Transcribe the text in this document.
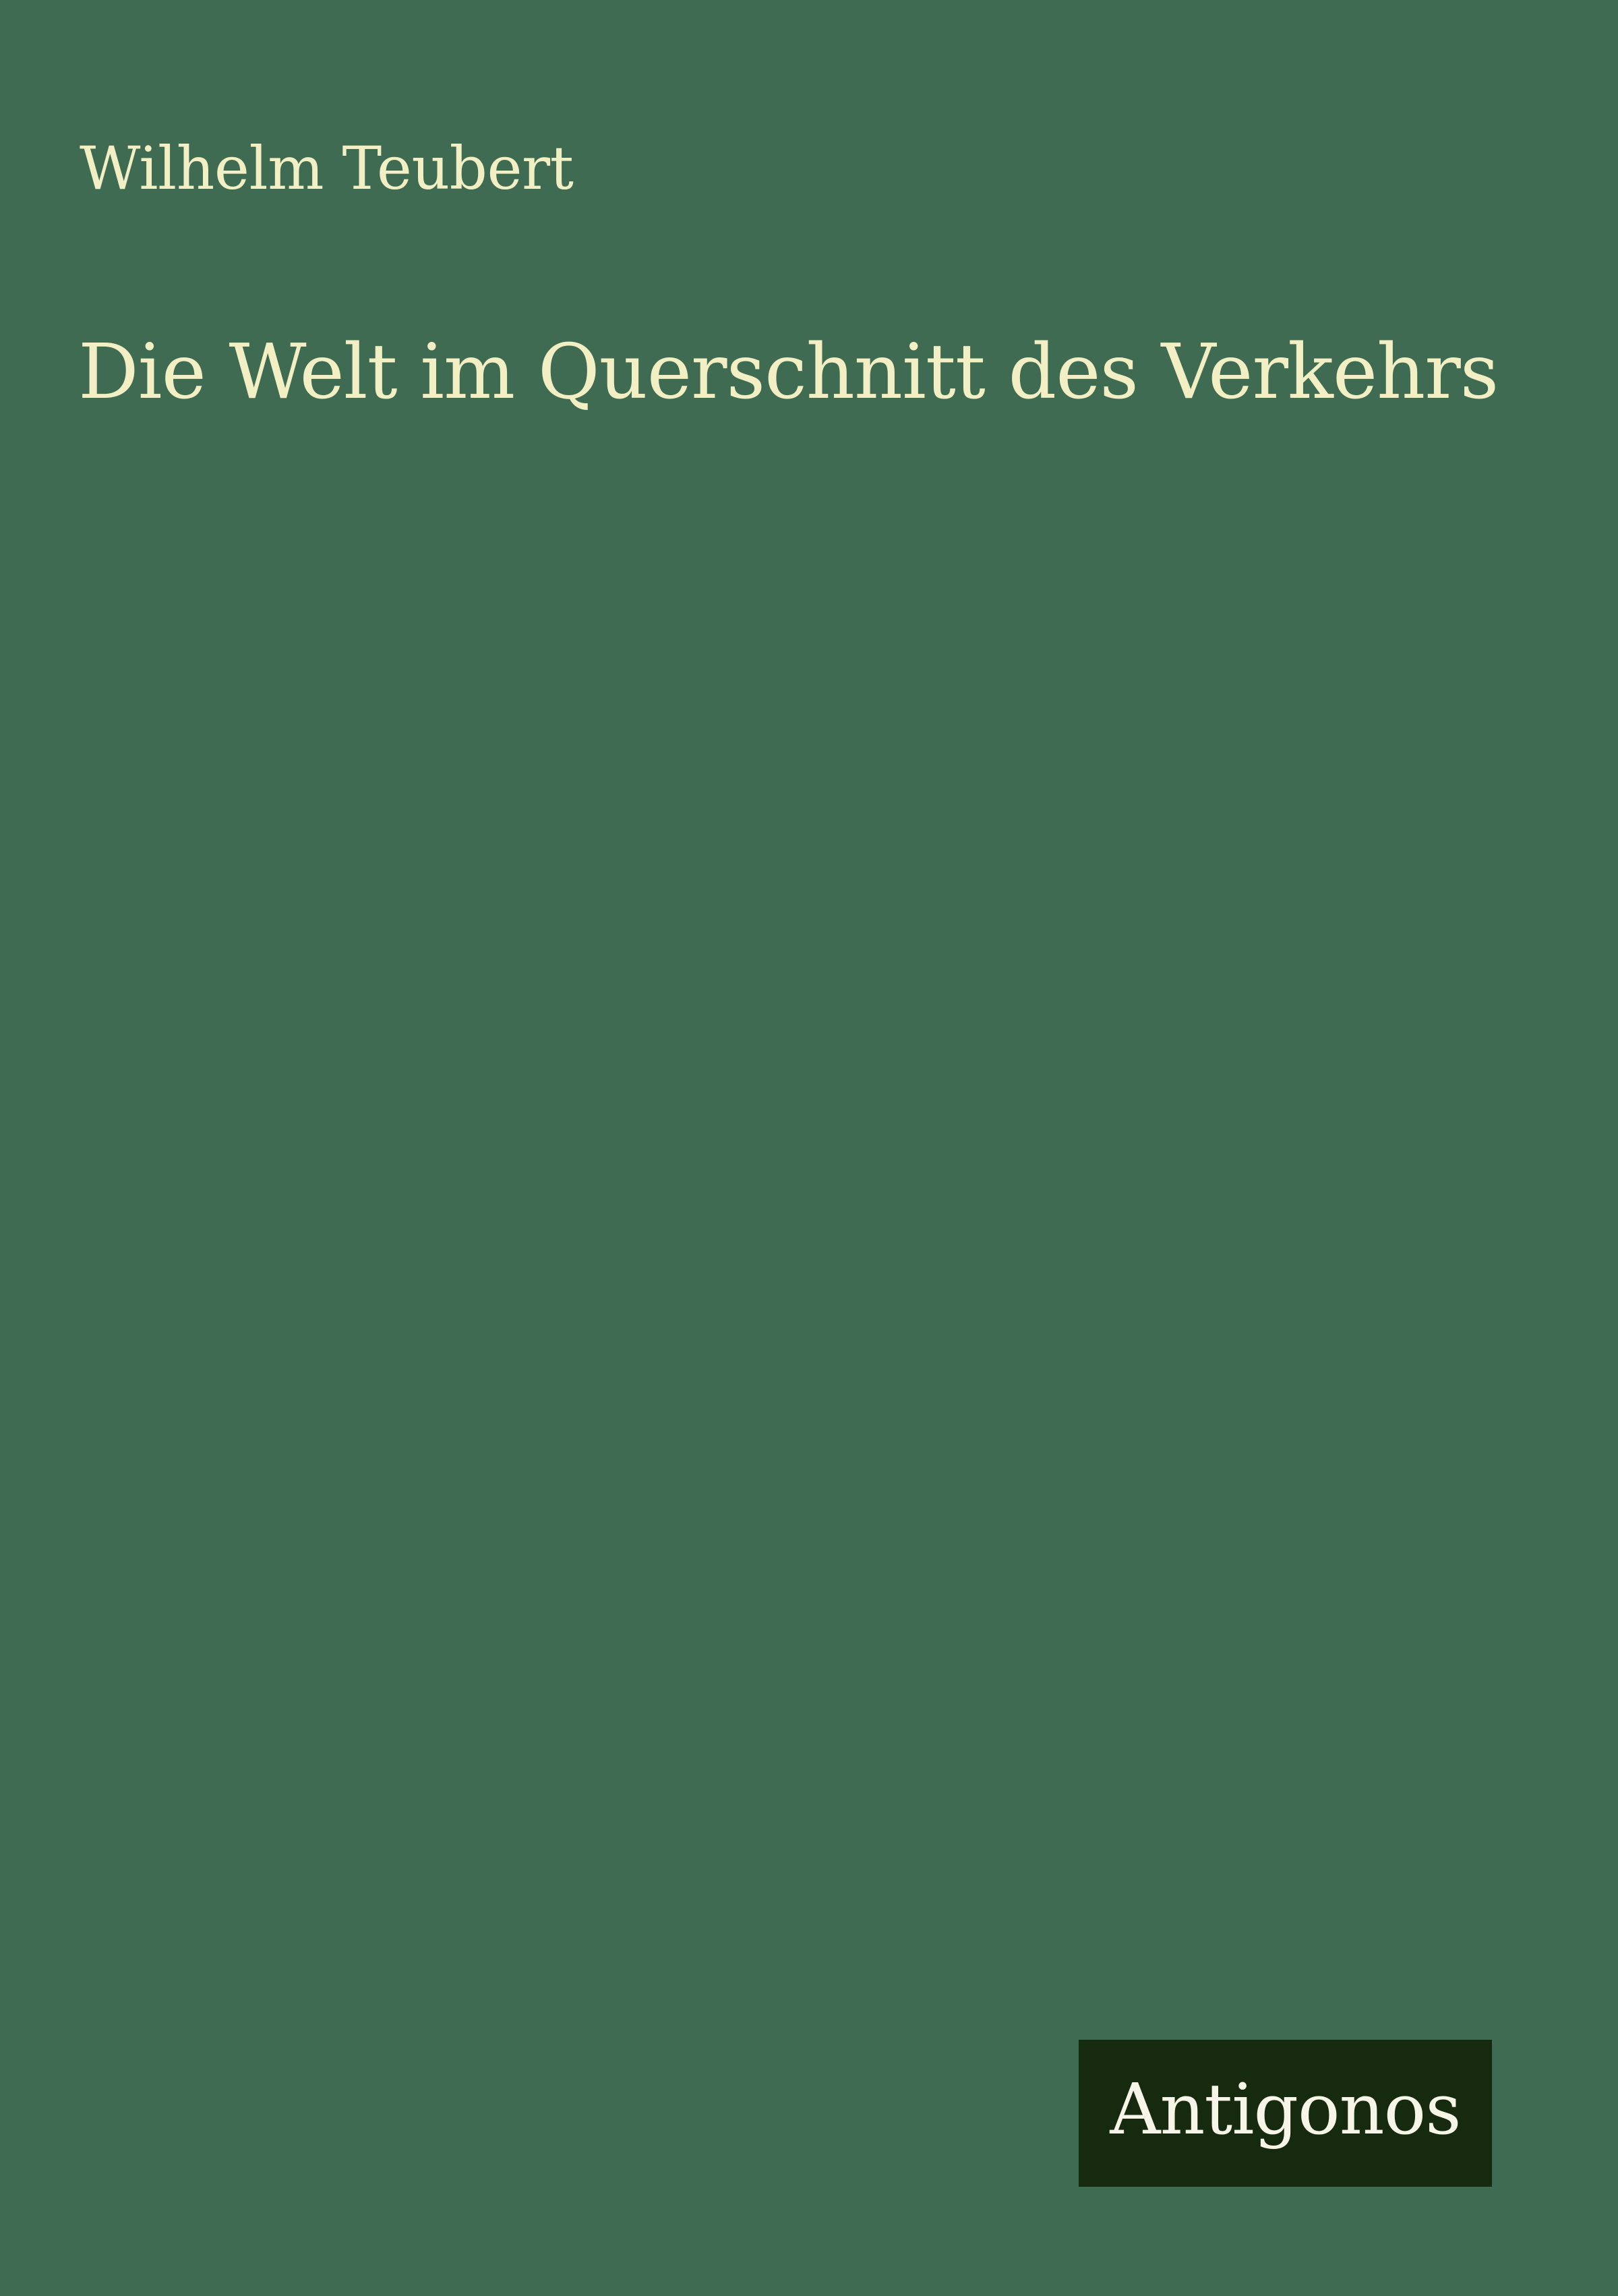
Wilhelm Teubert
Die Welt im Querschnitt des Verkehrs
Antigonos
